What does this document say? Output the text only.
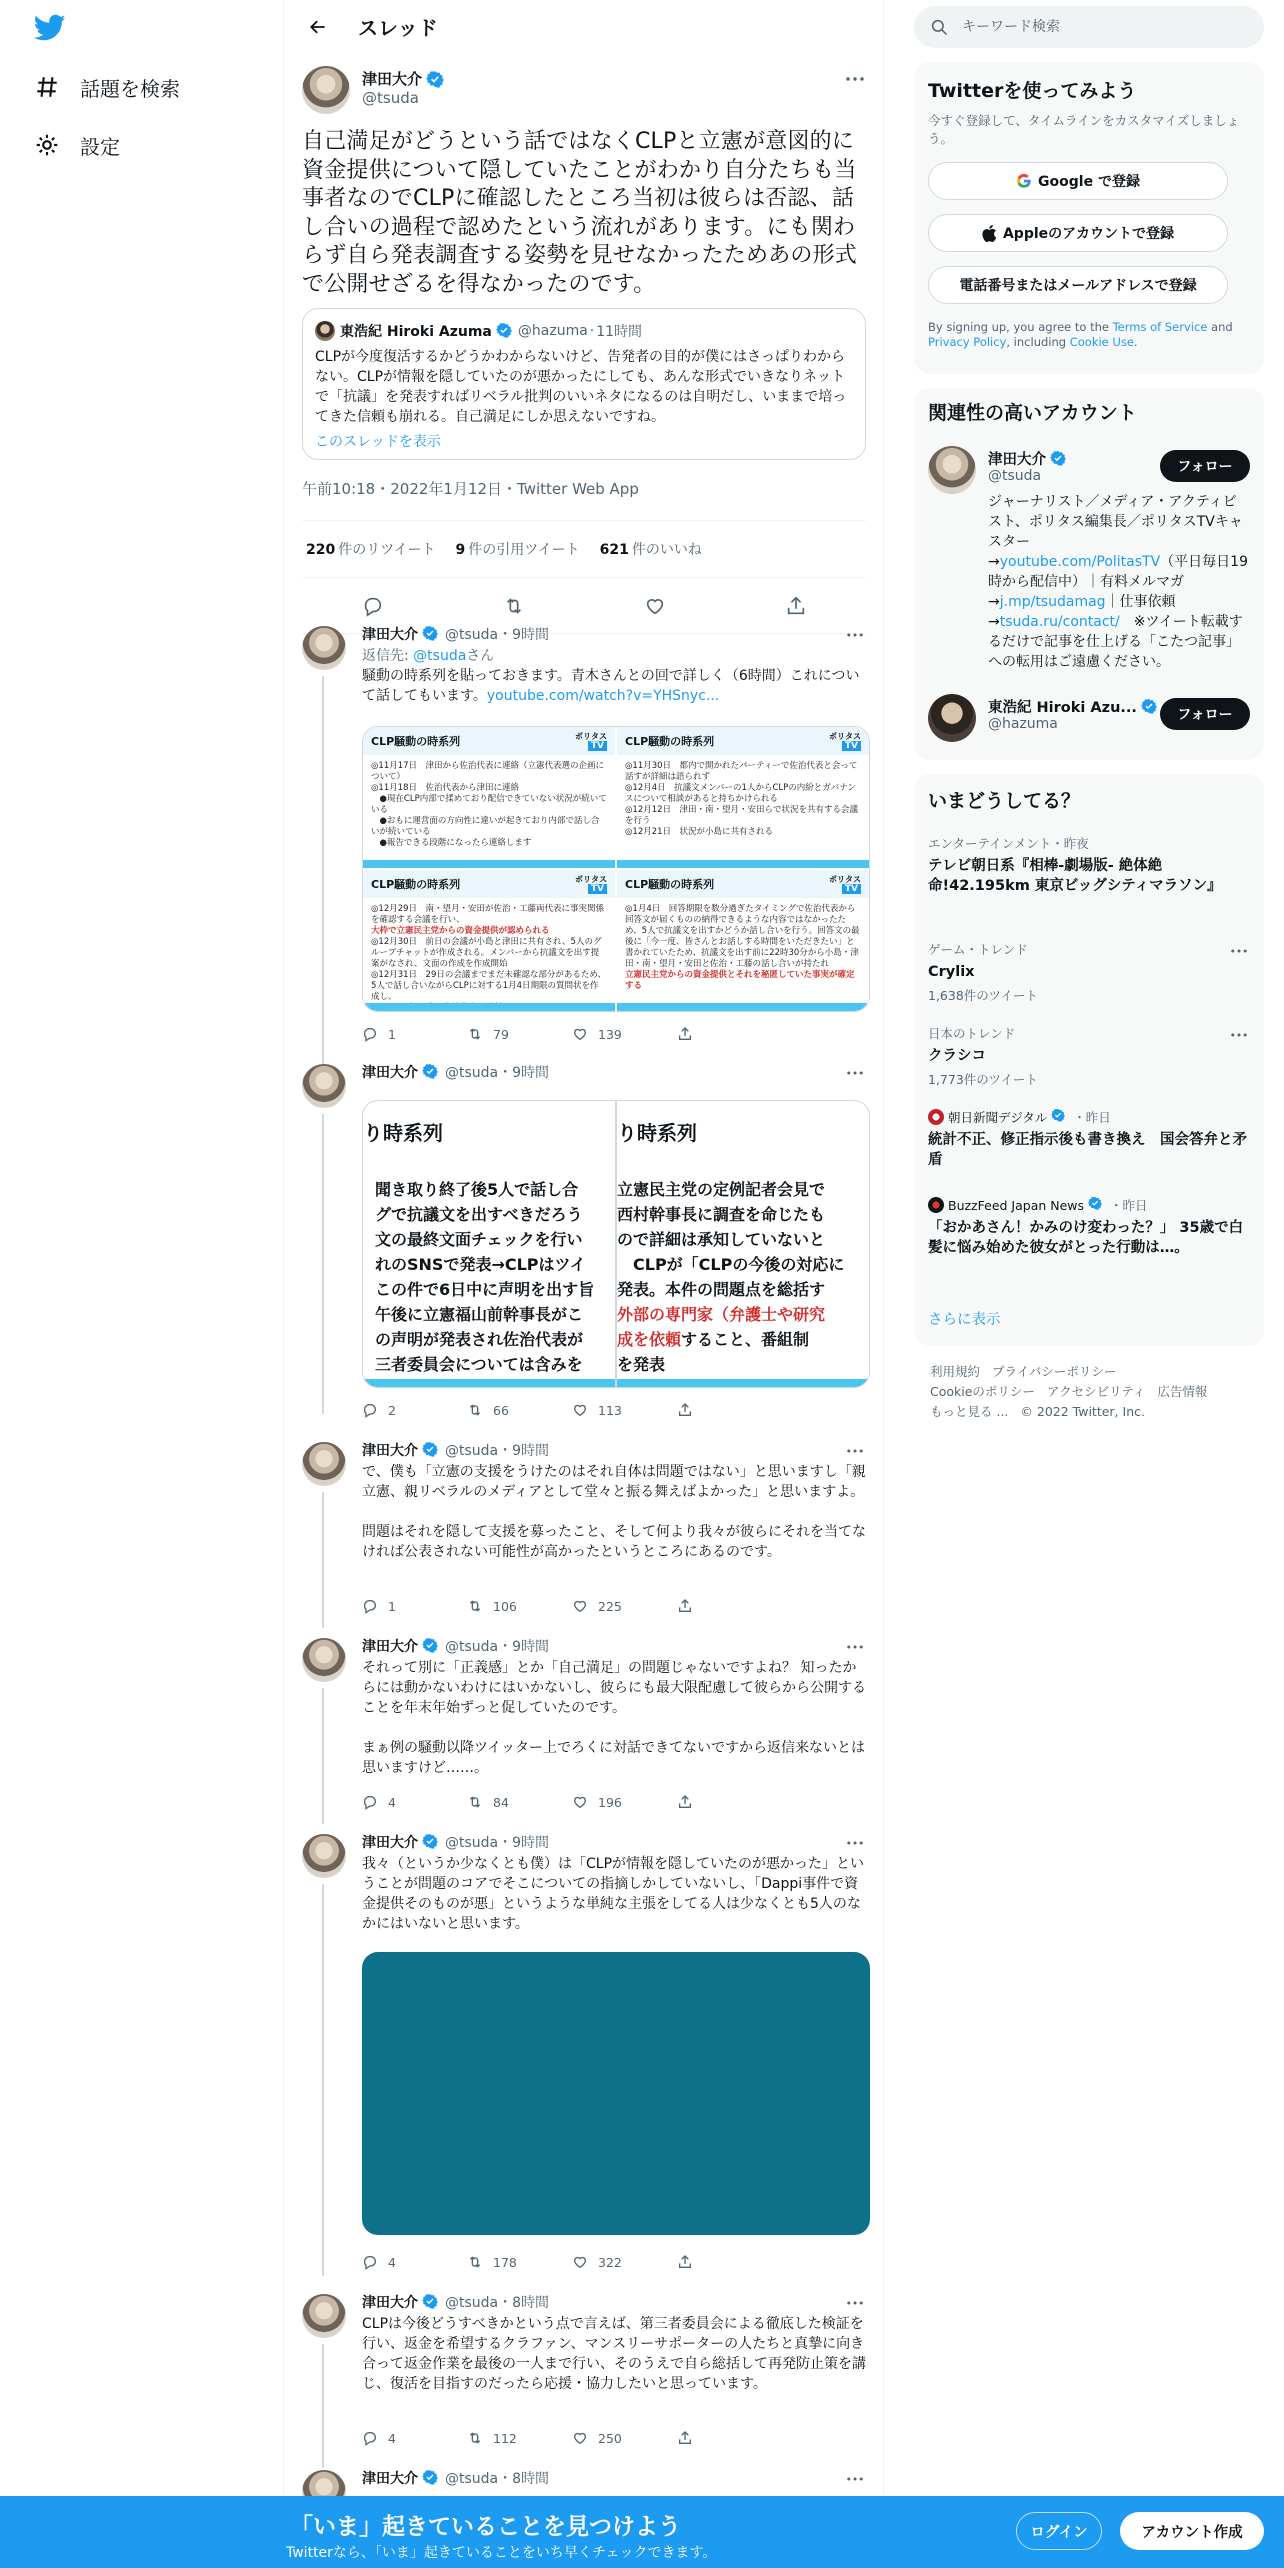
話題を検索
設定
スレッド
津田大介
@tsuda
自己満足がどうという話ではなくCLPと立憲が意図的に資金提供について隠していたことがわかり自分たちも当事者なのでCLPに確認したところ当初は彼らは否認、話し合いの過程で認めたという流れがあります。にも関わらず自ら発表調査する姿勢を見せなかったためあの形式で公開せざるを得なかったのです。
東浩紀 Hiroki Azuma @hazuma · 11時間
CLPが今度復活するかどうかわからないけど、告発者の目的が僕にはさっぱりわからない。CLPが情報を隠していたのが悪かったにしても、あんな形式でいきなりネットで「抗議」を発表すればリベラル批判のいいネタになるのは自明だし、いままで培ってきた信頼も崩れる。自己満足にしか思えないですね。
このスレッドを表示
午前10:18・2022年1月12日・Twitter Web App
220 件のリツイート 9 件の引用ツイート 621 件のいいね
津田大介 @tsuda・9時間
返信先: @tsudaさん
騒動の時系列を貼っておきます。青木さんとの回で詳しく（6時間）これについて話してもいます。youtube.com/watch?v=YHSnyc...
CLP騒動の時系列	ポリタス
TV
◎11月17日　津田から佐治代表に連絡（立憲代表選の企画について）
◎11月18日　佐治代表から津田に連絡
　●現在CLP内部で揉めており配信できていない状況が続いている
　●おもに運営面の方向性に違いが起きており内部で話し合いが続いている
　●報告できる段階になったら連絡します
CLP騒動の時系列	ポリタス
TV
◎11月30日　都内で開かれたパーティーで佐治代表と会って話すが詳細は語られず
◎12月4日　抗議文メンバーの1人からCLPの内紛とガバナンスについて相談があると持ちかけられる
◎12月12日　津田・南・望月・安田らで状況を共有する会議を行う
◎12月21日　状況が小島に共有される
CLP騒動の時系列	ポリタス
TV
◎12月29日　南・望月・安田が佐治・工藤両代表に事実関係を確認する会議を行い、
大枠で立憲民主党からの資金提供が認められる
◎12月30日　前日の会議が小島と津田に共有され、5人のグループチャットが作成される。メンバーから抗議文を出す提案がなされ、文面の作成を作成開始
◎12月31日　29日の会議までまだ未確認な部分があるため、5人で話し合いながらCLPに対する1月4日期限の質問状を作成し、
CLP騒動の時系列	ポリタス
TV
◎1月4日　回答期限を数分過ぎたタイミングで佐治代表から回答文が届くものの納得できるような内容ではなかったため、5人で抗議文を出すかどうか話し合いを行う。回答文の最後に「今一度、皆さんとお話しする時間をいただきたい」と書かれていたため、抗議文を出す前に22時30分から小島・津田・南・望月・安田と佐治・工藤の話し合いが持たれ
立憲民主党からの資金提供とそれを秘匿していた事実が確定する
1	79	139
津田大介 @tsuda・9時間
り時系列
聞き取り終了後5人で話し合
グで抗議文を出すべきだろう
文の最終文面チェックを行い
れのSNSで発表→CLPはツイ
この件で6日中に声明を出す旨
午後に立憲福山前幹事長がこ
の声明が発表され佐治代表が
三者委員会については含みを
り時系列
立憲民主党の定例記者会見で
西村幹事長に調査を命じたも
ので詳細は承知していないと
　CLPが「CLPの今後の対応に
発表。本件の問題点を総括す
外部の専門家（弁護士や研究
成を依頼すること、番組制
を発表
2	66	113
津田大介 @tsuda・9時間
で、僕も「立憲の支援をうけたのはそれ自体は問題ではない」と思いますし「親立憲、親リベラルのメディアとして堂々と振る舞えばよかった」と思いますよ。

問題はそれを隠して支援を募ったこと、そして何より我々が彼らにそれを当てなければ公表されない可能性が高かったというところにあるのです。
1	106	225
津田大介 @tsuda・9時間
それって別に「正義感」とか「自己満足」の問題じゃないですよね？ 知ったからには動かないわけにはいかないし、彼らにも最大限配慮して彼らから公開することを年末年始ずっと促していたのです。

まぁ例の騒動以降ツイッター上でろくに対話できてないですから返信来ないとは思いますけど……。
4	84	196
津田大介 @tsuda・9時間
我々（というか少なくとも僕）は「CLPが情報を隠していたのが悪かった」ということが問題のコアでそこについての指摘しかしていないし、「Dappi事件で資金提供そのものが悪」というような単純な主張をしてる人は少なくとも5人のなかにはいないと思います。
4	178	322
津田大介 @tsuda・8時間
CLPは今後どうすべきかという点で言えば、第三者委員会による徹底した検証を行い、返金を希望するクラファン、マンスリーサポーターの人たちと真摯に向き合って返金作業を最後の一人まで行い、そのうえで自ら総括して再発防止策を講じ、復活を目指すのだったら応援・協力したいと思っています。
4	112	250
津田大介 @tsuda・8時間
キーワード検索
Twitterを使ってみよう
今すぐ登録して、タイムラインをカスタマイズしましょう。
Google で登録
Appleのアカウントで登録
電話番号またはメールアドレスで登録
By signing up, you agree to the Terms of Service and Privacy Policy, including Cookie Use.
関連性の高いアカウント
津田大介
@tsuda
フォロー
ジャーナリスト／メディア・アクティビスト、ポリタス編集長／ポリタスTVキャスター
→youtube.com/PolitasTV（平日毎日19時から配信中）｜有料メルマガ→j.mp/tsudamag｜仕事依頼→tsuda.ru/contact/　※ツイート転載するだけで記事を仕上げる「こたつ記事」への転用はご遠慮ください。
東浩紀 Hiroki Azu...
@hazuma
フォロー
いまどうしてる？
エンターテインメント・昨夜
テレビ朝日系『相棒-劇場版- 絶体絶命!42.195km 東京ビッグシティマラソン』
ゲーム・トレンド
Crylix
1,638件のツイート
日本のトレンド
クラシコ
1,773件のツイート
朝日新聞デジタル ・昨日
統計不正、修正指示後も書き換え　国会答弁と矛盾
BuzzFeed Japan News ・昨日
「おかあさん！かみのけ変わった？」 35歳で白髪に悩み始めた彼女がとった行動は…。
さらに表示
利用規約 プライバシーポリシー
Cookieのポリシー アクセシビリティ 広告情報
もっと見る ... © 2022 Twitter, Inc.
「いま」起きていることを見つけよう
Twitterなら、「いま」起きていることをいち早くチェックできます。
ログイン	アカウント作成
